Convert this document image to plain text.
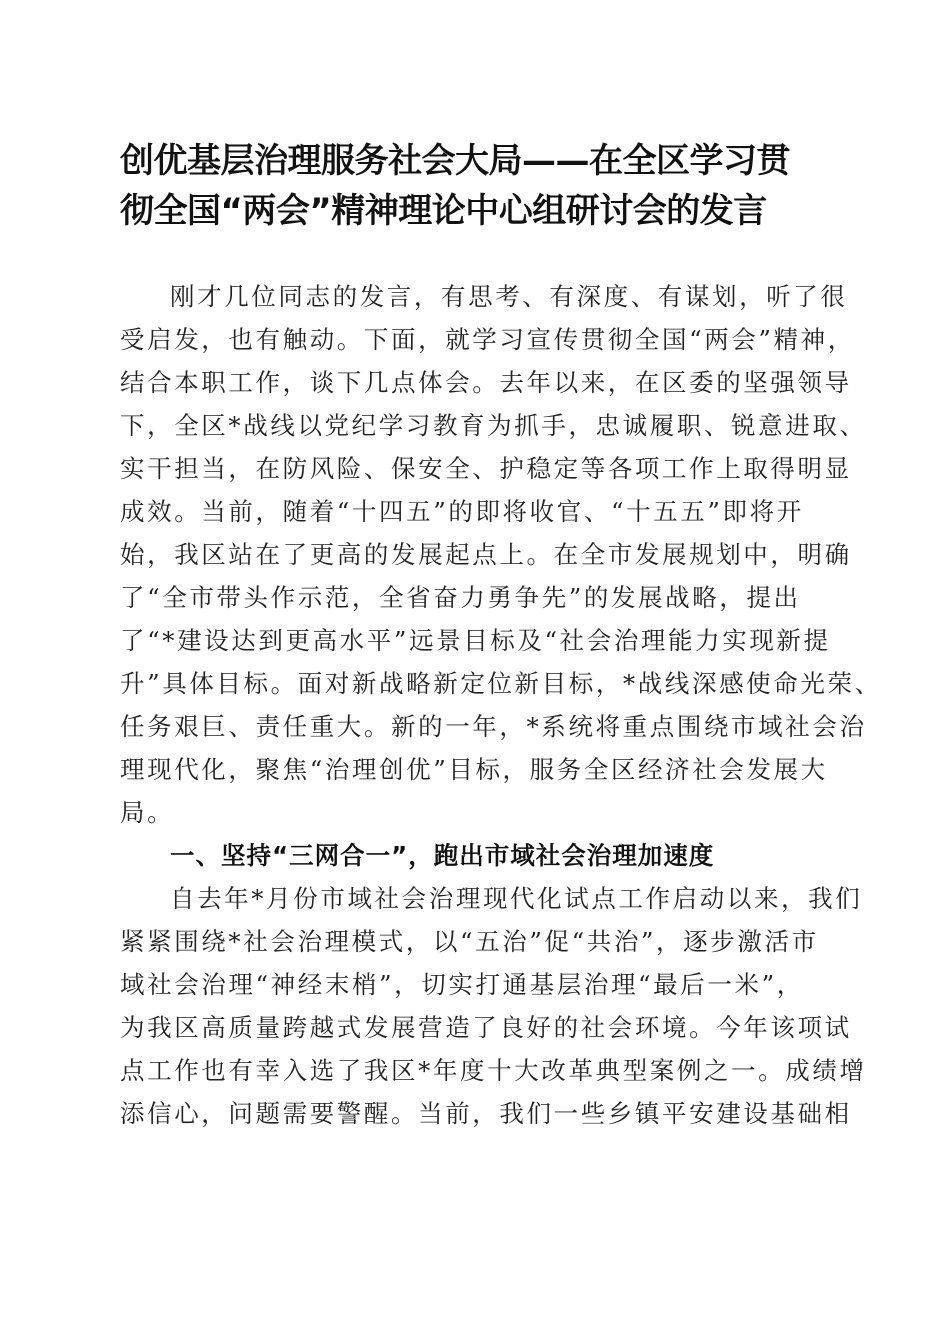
创优基层治理服务社会大局——在全区学习贯
彻全国“两会”精神理论中心组研讨会的发言

刚才几位同志的发言，有思考、有深度、有谋划，听了很

受启发，也有触动。下面，就学习宣传贯彻全国“两会”精神，

结合本职工作，谈下几点体会。去年以来，在区委的坚强领导

下，全区*战线以党纪学习教育为抓手，忠诚履职、锐意进取、

实干担当，在防风险、保安全、护稳定等各项工作上取得明显

成效。当前，随着“十四五”的即将收官、“十五五”即将开

始，我区站在了更高的发展起点上。在全市发展规划中，明确

了“全市带头作示范，全省奋力勇争先”的发展战略，提出

了“*建设达到更高水平”远景目标及“社会治理能力实现新提

升”具体目标。面对新战略新定位新目标，*战线深感使命光荣、

任务艰巨、责任重大。新的一年，*系统将重点围绕市域社会治

理现代化，聚焦“治理创优”目标，服务全区经济社会发展大

局。

一、坚持“三网合一”，跑出市域社会治理加速度

自去年*月份市域社会治理现代化试点工作启动以来，我们

紧紧围绕*社会治理模式，以“五治”促“共治”，逐步激活市

域社会治理“神经末梢”，切实打通基层治理“最后一米”，

为我区高质量跨越式发展营造了良好的社会环境。今年该项试

点工作也有幸入选了我区*年度十大改革典型案例之一。成绩增

添信心，问题需要警醒。当前，我们一些乡镇平安建设基础相
